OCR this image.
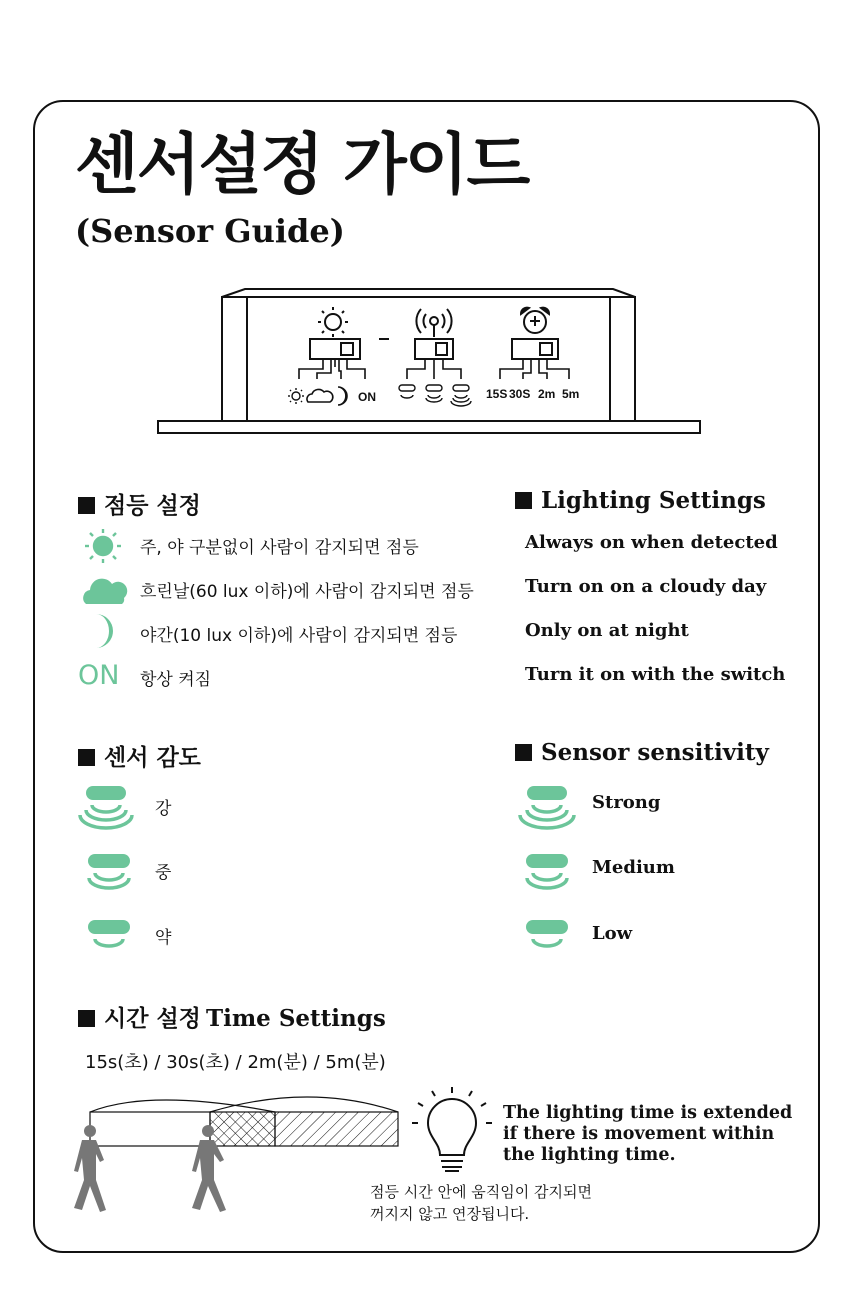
센서설정 가이드
(Sensor Guide)
ON	15S 30S 2m 5m
점등 설정	Lighting Settings
주, 야 구분없이 사람이 감지되면 점등	Always on when detected
흐린날(60 lux 이하)에 사람이 감지되면 점등	Turn on on a cloudy day
야간(10 lux 이하)에 사람이 감지되면 점등	Only on at night
ON 항상 켜짐	Turn it on with the switch
센서 감도	Sensor sensitivity
강	Strong
중	Medium
약	Low
시간 설정 Time Settings
15s(초) / 30s(초) / 2m(분) / 5m(분)
The lighting time is extended
if there is movement within
the lighting time.
점등 시간 안에 움직임이 감지되면
꺼지지 않고 연장됩니다.
